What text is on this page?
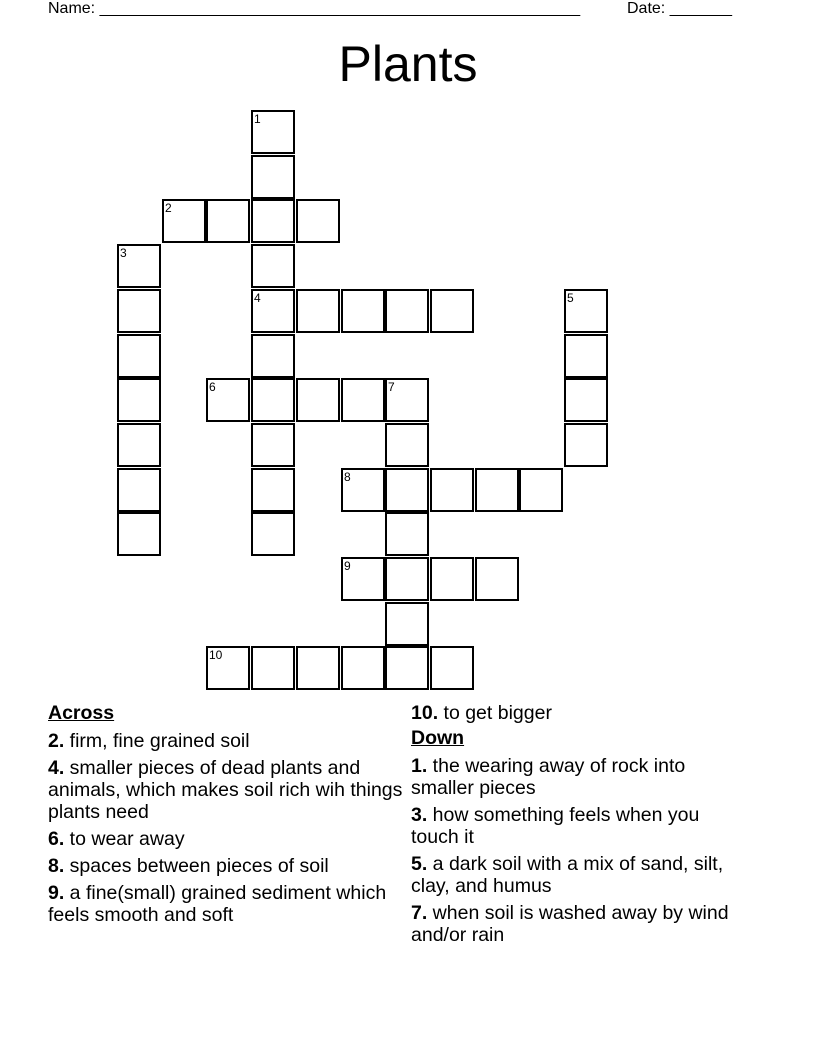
Name: ______________________________________________________	Date: _______
Plants
1
2
3
4	5
6	7
8
9
10
Across
2. firm, fine grained soil
4. smaller pieces of dead plants and animals, which makes soil rich wih things plants need
6. to wear away
8. spaces between pieces of soil
9. a fine(small) grained sediment which feels smooth and soft
10. to get bigger
Down
1. the wearing away of rock into smaller pieces
3. how something feels when you touch it
5. a dark soil with a mix of sand, silt, clay, and humus
7. when soil is washed away by wind and/or rain
